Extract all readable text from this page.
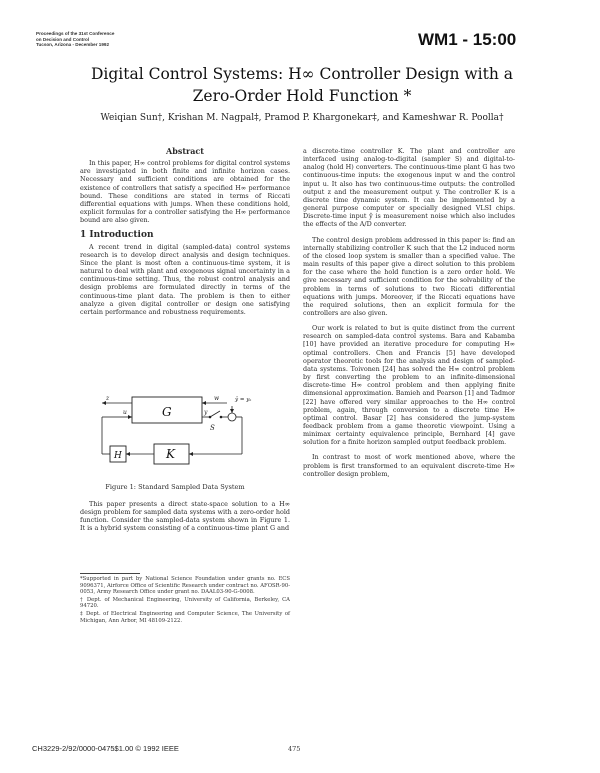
Proceedings of the 31st Conference
on Decision and Control
Tucson, Arizona - December 1992	WM1 - 15:00
Digital Control Systems: H∞ Controller Design with a
Zero-Order Hold Function *
Weiqian Sun†, Krishan M. Nagpal‡, Pramod P. Khargonekar‡, and Kameshwar R. Poolla†
Abstract

In this paper, H∞ control problems for digital control systems are investigated in both finite and infinite horizon cases. Necessary and sufficient conditions are obtained for the existence of controllers that satisfy a specified H∞ performance bound. These conditions are stated in terms of Riccati differential equations with jumps. When these conditions hold, explicit formulas for a controller satisfying the H∞ performance bound are also given.

1 Introduction

A recent trend in digital (sampled-data) control systems research is to develop direct analysis and design techniques. Since the plant is most often a continuous-time system, it is natural to deal with plant and exogenous signal uncertainty in a continuous-time setting. Thus, the robust control analysis and design problems are formulated directly in terms of the continuous-time plant data. The problem is then to either analyze a given digital controller or design one satisfying certain performance and robustness requirements.

G
z	w
u	y
S
ŷ = yₖ
K
H
Figure 1: Standard Sampled Data System

This paper presents a direct state-space solution to a H∞ design problem for sampled data systems with a zero-order hold function. Consider the sampled-data system shown in Figure 1. It is a hybrid system consisting of a continuous-time plant G and

*Supported in part by National Science Foundation under grants no. ECS 9096371, Airforce Office of Scientific Research under contract no. AFOSR-90-0053, Army Research Office under grant no. DAAL03-90-G-0008.
† Dept. of Mechanical Engineering, University of California, Berkeley, CA 94720.
‡ Dept. of Electrical Engineering and Computer Science, The University of Michigan, Ann Arbor, MI 48109-2122.

a discrete-time controller K. The plant and controller are interfaced using analog-to-digital (sampler S) and digital-to-analog (hold H) converters. The continuous-time plant G has two continuous-time inputs: the exogenous input w and the control input u. It also has two continuous-time outputs: the controlled output z and the measurement output y. The controller K is a discrete time dynamic system. It can be implemented by a general purpose computer or specially designed VLSI chips. Discrete-time input ŷ is measurement noise which also includes the effects of the A/D converter.

The control design problem addressed in this paper is: find an internally stabilizing controller K such that the L2 induced norm of the closed loop system is smaller than a specified value. The main results of this paper give a direct solution to this problem for the case where the hold function is a zero order hold. We give necessary and sufficient condition for the solvability of the problem in terms of solutions to two Riccati differential equations with jumps. Moreover, if the Riccati equations have the required solutions, then an explicit formula for the controllers are also given.

Our work is related to but is quite distinct from the current research on sampled-data control systems. Bara and Kabamba [10] have provided an iterative procedure for computing H∞ optimal controllers. Chen and Francis [5] have developed operator theoretic tools for the analysis and design of sampled-data systems. Toivonen [24] has solved the H∞ control problem by first converting the problem to an infinite-dimensional discrete-time H∞ control problem and then applying finite dimensional approximation. Bamieh and Pearson [1] and Tadmor [22] have offered very similar approaches to the H∞ control problem, again, through conversion to a discrete time H∞ optimal control. Basar [2] has considered the jump-system feedback problem from a game theoretic viewpoint. Using a minimax certainty equivalence principle, Bernhard [4] gave solution for a finite horizon sampled output feedback problem.

In contrast to most of work mentioned above, where the problem is first transformed to an equivalent discrete-time H∞ controller design problem,

CH3229-2/92/0000-0475$1.00 © 1992 IEEE	475
